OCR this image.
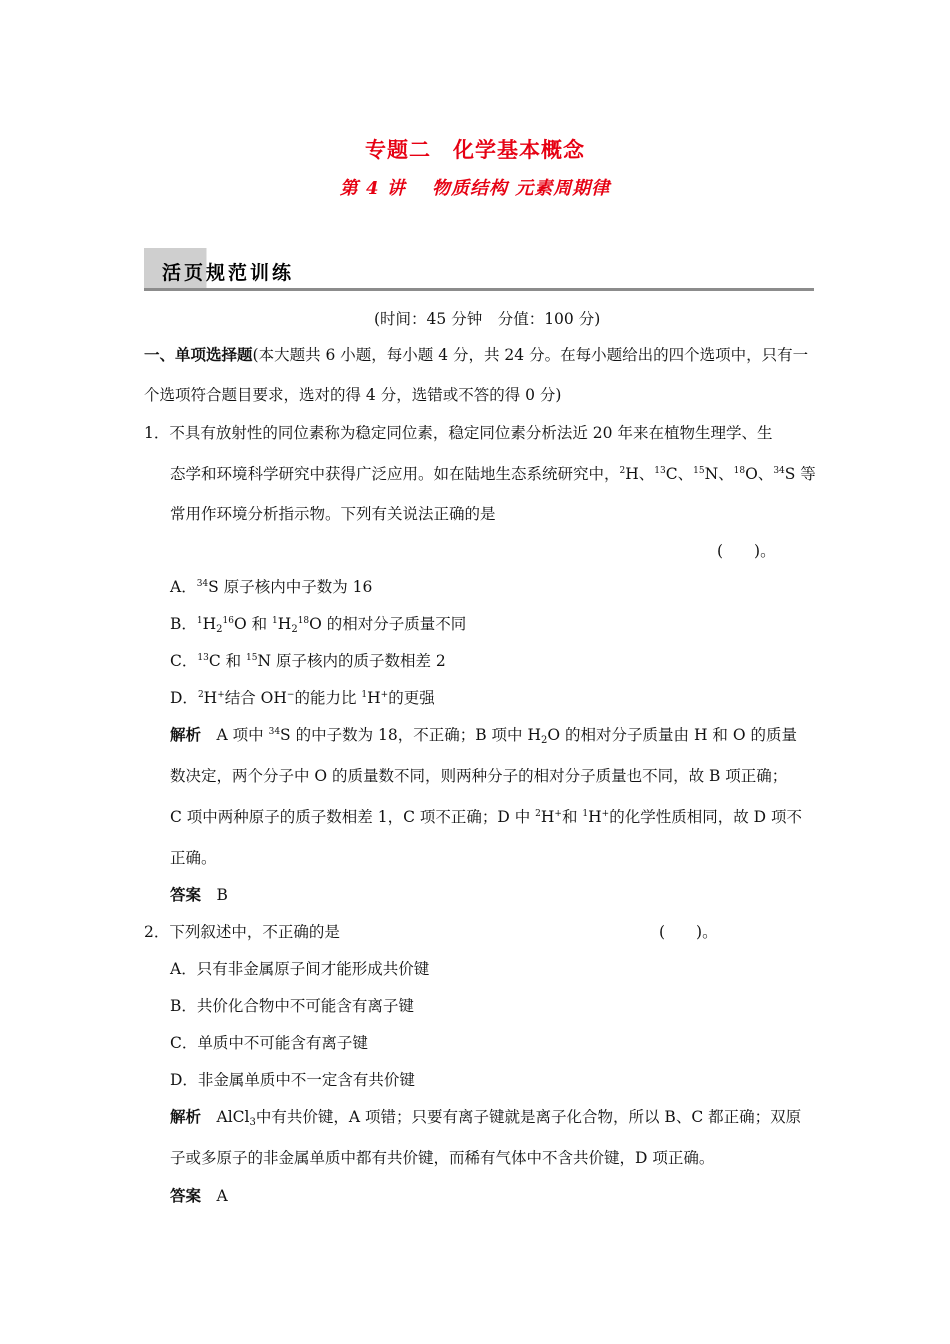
专题二　化学基本概念
第 4 讲　 物质结构 元素周期律
活页规范训练
(时间：45 分钟　分值：100 分)
一、单项选择题(本大题共 6 小题，每小题 4 分，共 24 分。在每小题给出的四个选项中，只有一
个选项符合题目要求，选对的得 4 分，选错或不答的得 0 分)
1．不具有放射性的同位素称为稳定同位素，稳定同位素分析法近 20 年来在植物生理学、生
态学和环境科学研究中获得广泛应用。如在陆地生态系统研究中，$^2$H、$^{13}$C、$^{15}$N、$^{18}$O、$^{34}$S 等
常用作环境分析指示物。下列有关说法正确的是
(　　)。
A．$^{34}$S 原子核内中子数为 16
B．$^1H_2^{16}O$ 和 $^1H_2^{18}O$ 的相对分子质量不同
C．$^{13}$C 和 $^{15}$N 原子核内的质子数相差 2
D．$^2$H+结合 OH−的能力比 $^1$H+的更强
解析　 A 项中 $^{34}$S 的中子数为 18，不正确；B 项中 $H_2O$ 的相对分子质量由 H 和 O 的质量
数决定，两个分子中 O 的质量数不同，则两种分子的相对分子质量也不同，故 B 项正确；
C 项中两种原子的质子数相差 1，C 项不正确；D 中 $^2$H+和 $^1$H+的化学性质相同，故 D 项不
正确。
答案　 B
2．下列叙述中，不正确的是	(　　)。
A．只有非金属原子间才能形成共价键
B．共价化合物中不可能含有离子键
C．单质中不可能含有离子键
D．非金属单质中不一定含有共价键
解析　 AlCl$_3$中有共价键，A 项错；只要有离子键就是离子化合物，所以 B、C 都正确；双原
子或多原子的非金属单质中都有共价键，而稀有气体中不含共价键，D 项正确。
答案　 A
